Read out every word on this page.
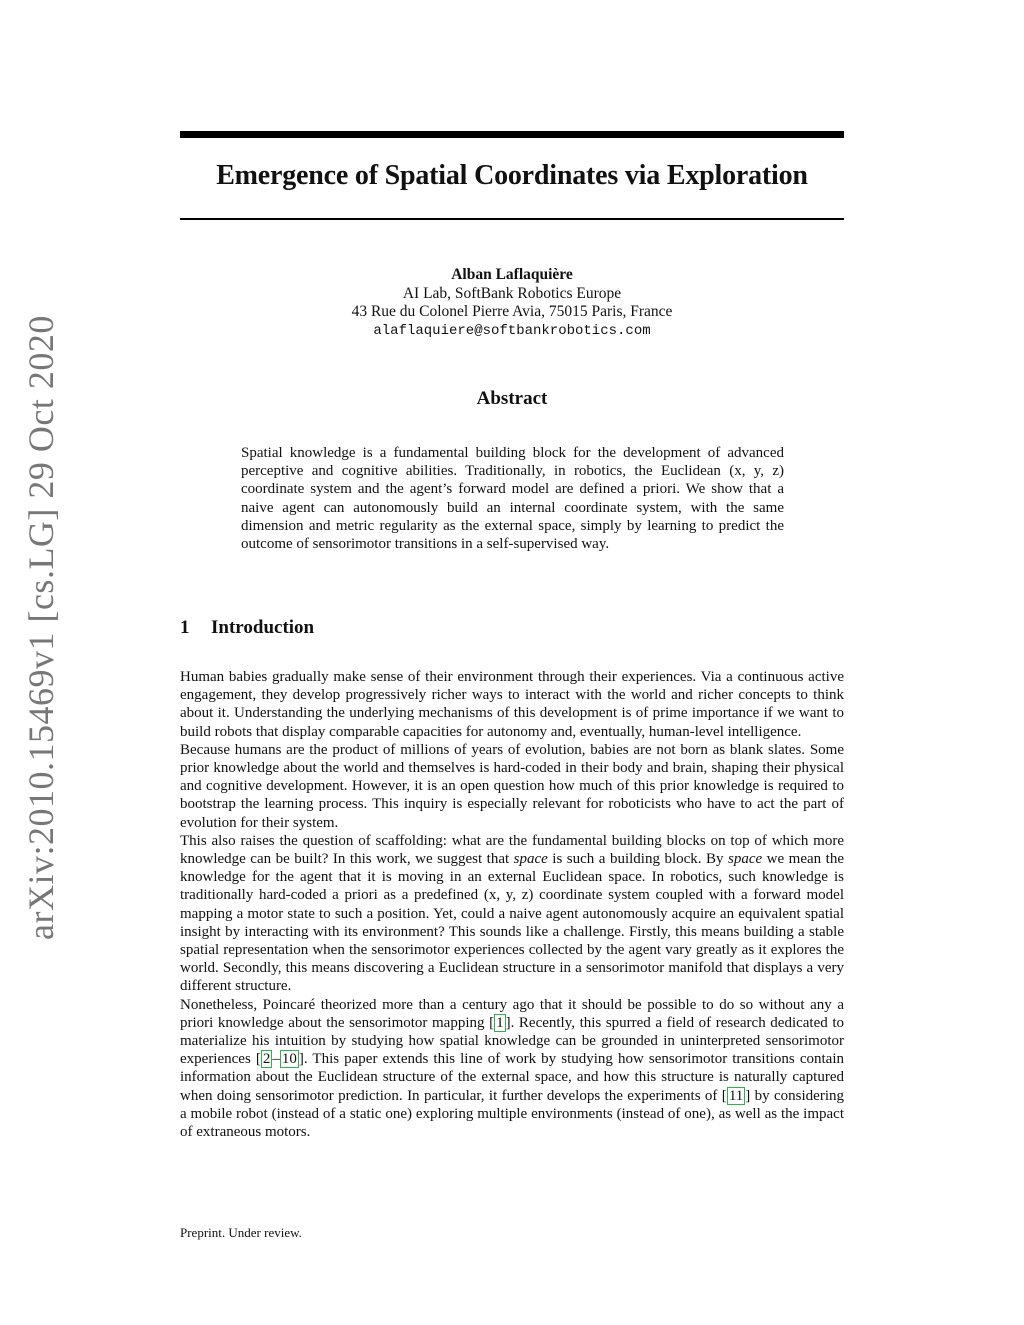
arXiv:2010.15469v1 [cs.LG] 29 Oct 2020
Emergence of Spatial Coordinates via Exploration
Alban Laflaquière
AI Lab, SoftBank Robotics Europe
43 Rue du Colonel Pierre Avia, 75015 Paris, France
alaflaquiere@softbankrobotics.com
Abstract

Spatial knowledge is a fundamental building block for the development of advanced perceptive and cognitive abilities. Traditionally, in robotics, the Euclidean (x, y, z) coordinate system and the agent’s forward model are defined a priori. We show that a naive agent can autonomously build an internal coordinate system, with the same dimension and metric regularity as the external space, simply by learning to predict the outcome of sensorimotor transitions in a self-supervised way.

1 Introduction

Human babies gradually make sense of their environment through their experiences. Via a continuous active engagement, they develop progressively richer ways to interact with the world and richer concepts to think about it. Understanding the underlying mechanisms of this development is of prime importance if we want to build robots that display comparable capacities for autonomy and, eventually, human-level intelligence.

Because humans are the product of millions of years of evolution, babies are not born as blank slates. Some prior knowledge about the world and themselves is hard-coded in their body and brain, shaping their physical and cognitive development. However, it is an open question how much of this prior knowledge is required to bootstrap the learning process. This inquiry is especially relevant for roboticists who have to act the part of evolution for their system.

This also raises the question of scaffolding: what are the fundamental building blocks on top of which more knowledge can be built? In this work, we suggest that space is such a building block. By space we mean the knowledge for the agent that it is moving in an external Euclidean space. In robotics, such knowledge is traditionally hard-coded a priori as a predefined (x, y, z) coordinate system coupled with a forward model mapping a motor state to such a position. Yet, could a naive agent autonomously acquire an equivalent spatial insight by interacting with its environment? This sounds like a challenge. Firstly, this means building a stable spatial representation when the sensorimotor experiences collected by the agent vary greatly as it explores the world. Secondly, this means discovering a Euclidean structure in a sensorimotor manifold that displays a very different structure.

Nonetheless, Poincaré theorized more than a century ago that it should be possible to do so without any a priori knowledge about the sensorimotor mapping [ 1 ]. Recently, this spurred a field of research dedicated to materialize his intuition by studying how spatial knowledge can be grounded in uninterpreted sensorimotor experiences [ 2 – 10 ]. This paper extends this line of work by studying how sensorimotor transitions contain information about the Euclidean structure of the external space, and how this structure is naturally captured when doing sensorimotor prediction. In particular, it further develops the experiments of [ 11 ] by considering a mobile robot (instead of a static one) exploring multiple environments (instead of one), as well as the impact of extraneous motors.

Preprint. Under review.
